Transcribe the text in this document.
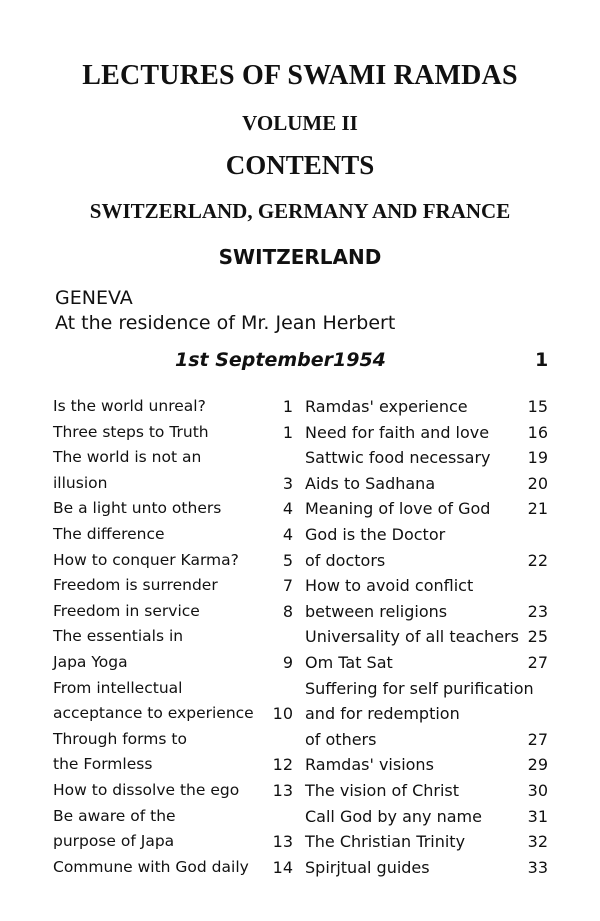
LECTURES OF SWAMI RAMDAS
VOLUME II
CONTENTS
SWITZERLAND, GERMANY AND FRANCE
SWITZERLAND
GENEVA
At the residence of Mr. Jean Herbert
1st September1954	1
Is the world unreal?	1
Three steps to Truth	1
The world is not an
illusion	3
Be a light unto others	4
The difference	4
How to conquer Karma?	5
Freedom is surrender	7
Freedom in service	8
The essentials in
Japa Yoga	9
From intellectual
acceptance to experience 10
Through forms to
the Formless	12
How to dissolve the ego 13
Be aware of the
purpose of Japa	13
Commune with God daily 14
Ramdas' experience	15
Need for faith and love 16
Sattwic food necessary 19
Aids to Sadhana	20
Meaning of love of God 21
God is the Doctor
of doctors	22
How to avoid conflict
between religions	23
Universality of all teachers 25
Om Tat Sat	27
Suffering for self purification
and for redemption
of others	27
Ramdas' visions	29
The vision of Christ	30
Call God by any name	31
The Christian Trinity	32
Spirjtual guides	33
